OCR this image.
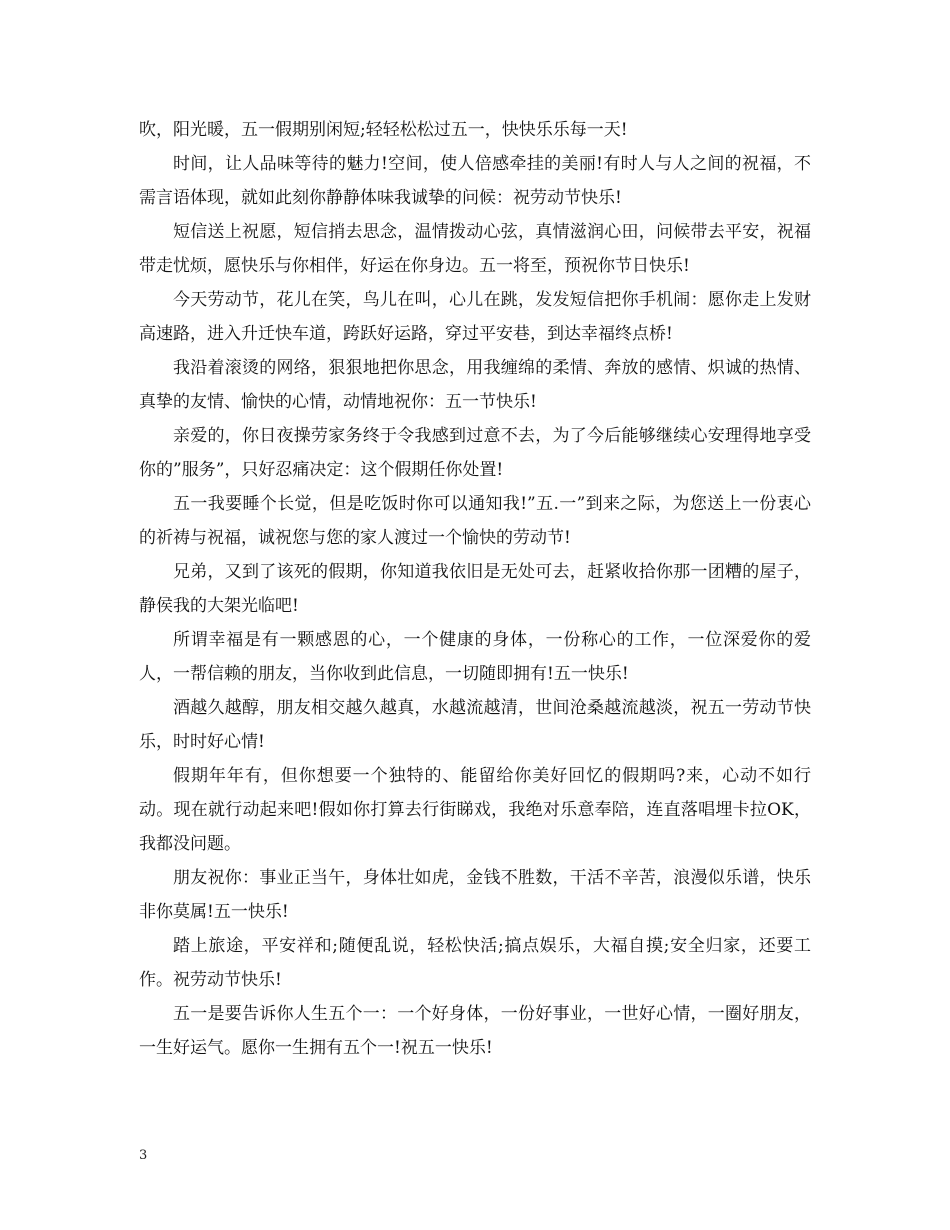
吹，阳光暖，五一假期别闲短;轻轻松松过五一，快快乐乐每一天!

时间，让人品味等待的魅力!空间，使人倍感牵挂的美丽!有时人与人之间的祝福，不需言语体现，就如此刻你静静体味我诚挚的问候：祝劳动节快乐!

短信送上祝愿，短信捎去思念，温情拨动心弦，真情滋润心田，问候带去平安，祝福带走忧烦，愿快乐与你相伴，好运在你身边。五一将至，预祝你节日快乐!

今天劳动节，花儿在笑，鸟儿在叫，心儿在跳，发发短信把你手机闹：愿你走上发财高速路，进入升迁快车道，跨跃好运路，穿过平安巷，到达幸福终点桥!

我沿着滚烫的网络，狠狠地把你思念，用我缠绵的柔情、奔放的感情、炽诚的热情、真挚的友情、愉快的心情，动情地祝你：五一节快乐!

亲爱的，你日夜操劳家务终于令我感到过意不去，为了今后能够继续心安理得地享受你的”服务”，只好忍痛决定：这个假期任你处置!

五一我要睡个长觉，但是吃饭时你可以通知我!”五.一”到来之际，为您送上一份衷心的祈祷与祝福，诚祝您与您的家人渡过一个愉快的劳动节!

兄弟，又到了该死的假期，你知道我依旧是无处可去，赶紧收拾你那一团糟的屋子，静侯我的大架光临吧!

所谓幸福是有一颗感恩的心，一个健康的身体，一份称心的工作，一位深爱你的爱人，一帮信赖的朋友，当你收到此信息，一切随即拥有!五一快乐!

酒越久越醇，朋友相交越久越真，水越流越清，世间沧桑越流越淡，祝五一劳动节快乐，时时好心情!

假期年年有，但你想要一个独特的、能留给你美好回忆的假期吗?来，心动不如行动。现在就行动起来吧!假如你打算去行街睇戏，我绝对乐意奉陪，连直落唱埋卡拉OK，我都没问题。

朋友祝你：事业正当午，身体壮如虎，金钱不胜数，干活不辛苦，浪漫似乐谱，快乐非你莫属!五一快乐!

踏上旅途，平安祥和;随便乱说，轻松快活;搞点娱乐，大福自摸;安全归家，还要工作。祝劳动节快乐!

五一是要告诉你人生五个一：一个好身体，一份好事业，一世好心情，一圈好朋友，一生好运气。愿你一生拥有五个一!祝五一快乐!

3
